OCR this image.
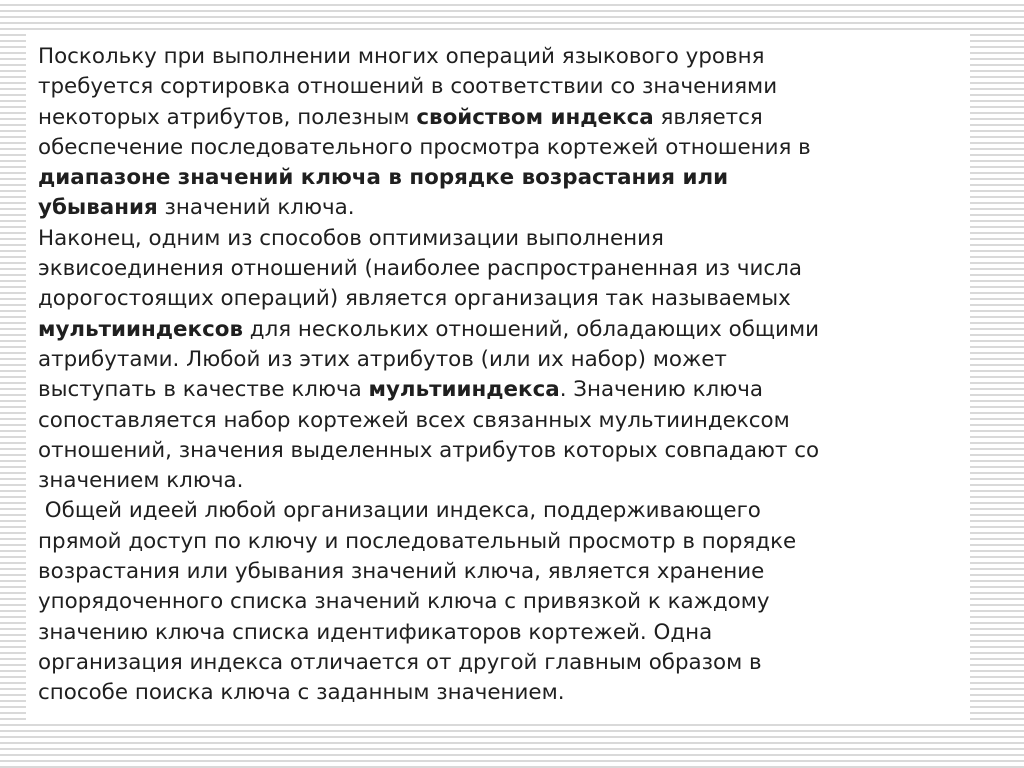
Поскольку при выполнении многих операций языкового уровня

требуется сортировка отношений в соответствии со значениями

некоторых атрибутов, полезным свойством индекса является

обеспечение последовательного просмотра кортежей отношения в

диапазоне значений ключа в порядке возрастания или

убывания значений ключа.

Наконец, одним из способов оптимизации выполнения

эквисоединения отношений (наиболее распространенная из числа

дорогостоящих операций) является организация так называемых

мультииндексов для нескольких отношений, обладающих общими

атрибутами. Любой из этих атрибутов (или их набор) может

выступать в качестве ключа мультииндекса. Значению ключа

сопоставляется набор кортежей всех связанных мультииндексом

отношений, значения выделенных атрибутов которых совпадают со

значением ключа.

Общей идеей любой организации индекса, поддерживающего

прямой доступ по ключу и последовательный просмотр в порядке

возрастания или убывания значений ключа, является хранение

упорядоченного списка значений ключа с привязкой к каждому

значению ключа списка идентификаторов кортежей. Одна

организация индекса отличается от другой главным образом в

способе поиска ключа с заданным значением.
